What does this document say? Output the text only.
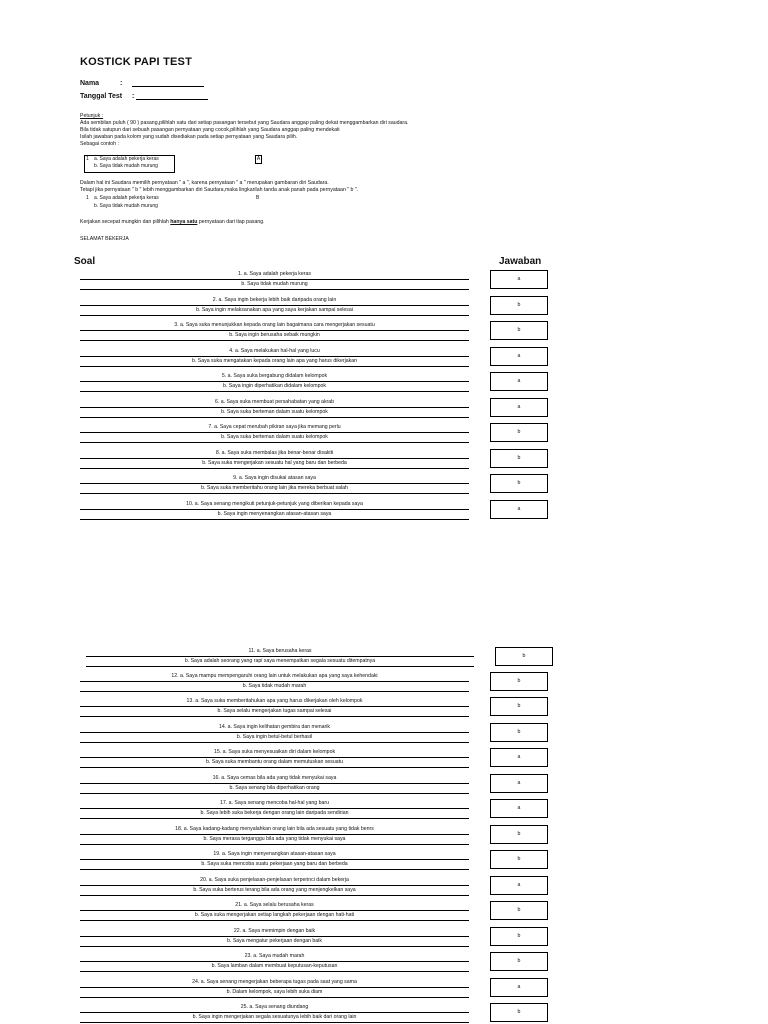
KOSTICK PAPI TEST
Nama	:
Tanggal Test :
Petunjuk :
Ada sembilan puluh ( 90 ) pasang,pilihlah satu dari setiap pasangan tersebut yang Saudara anggap paling dekat menggambarkan diri saudara.
Bila tidak satupun dari sebuah pasangan pernyataan yang cocok,pilihlah yang Saudara anggap paling mendekati
Isilah jawaban pada kolom yang sudah disediakan pada setiap pernyataan yang Saudara pilih.
Sebagai contoh :
1 a. Saya adalah pekerja keras
b. Saya tidak mudah murung
A
Dalam hal ini Saudara memilih pernyataan " a ", karena pernyataan " a " merupakan gambaran diri Saudara.
Tetapi jika pernyataan " b " lebih menggambarkan diri Saudara,maka lingkarilah tanda anak panah pada pernyataan " b ".
1 a. Saya adalah pekerja keras	B
b. Saya tidak mudah murung
Kerjakan secepat mungkin dan pilihlah hanya satu pernyataan dari tiap pasang.
SELAMAT BEKERJA
Soal	Jawaban
1. a. Saya adalah pekerja keras
b. Saya tidak mudah murung
a
2. a. Saya ingin bekerja lebih baik daripada orang lain
b. Saya ingin melaksanakan apa yang saya kerjakan sampai selesai
b
3. a. Saya suka menunjukkan kepada orang lain bagaimana cara mengerjakan sesuatu
b. Saya ingin berusaha sebaik mungkin
b
4. a. Saya melakukan hal-hal yang lucu
b. Saya suka mengatakan kepada orang lain apa yang harus dikerjakan
a
5. a. Saya suka bergabung didalam kelompok
b. Saya ingin diperhatikan didalam kelompok
a
6. a. Saya suka membuat persahabatan yang akrab
b. Saya suka berteman dalam suatu kelompok
a
7. a. Saya cepat merubah pikiran saya jika memang perlu
b. Saya suka berteman dalam suatu kelompok
b
8. a. Saya suka membalas jika benar-benar disakiti
b. Saya suka mengerjakan sesuatu hal yang baru dan berbeda
b
9. a. Saya ingin disukai atasan saya
b. Saya suka memberitahu orang lain jika mereka berbuat salah
b
10. a. Saya senang mengikuti petunjuk-petunjuk yang diberikan kepada saya
b. Saya ingin menyenangkan atasan-atasan saya
a
11. a. Saya berusaha keras
b. Saya adalah seorang yang rapi saya menempatkan segala sesuatu ditempatnya
b
12. a. Saya mampu mempengaruhi orang lain untuk melakukan apa yang saya kehendaki
b. Saya tidak mudah marah
b
13. a. Saya suka memberitahukan apa yang harus dikerjakan oleh kelompok
b. Saya selalu mengerjakan tugas sampai selesai
b
14. a. Saya ingin kelihatan gembira dan menarik
b. Saya ingin betul-betul berhasil
b
15. a. Saya suka menyesuaikan diri dalam kelompok
b. Saya suka membantu orang dalam memutuskan sesuatu
a
16. a. Saya cemas bila ada yang tidak menyukai saya
b. Saya senang bila diperhatikan orang
a
17. a. Saya senang mencoba hal-hal yang baru
b. Saya lebih suka bekerja dengan orang lain daripada sendirian
a
18. a. Saya kadang-kadang menyalahkan orang lain bila ada sesuatu yang tidak benrs
b. Saya merasa terganggu bila ada yang tidak menyukai saya
b
19. a. Saya ingin menyenangkan atasan-atasan saya
b. Saya suka mencoba suatu pekerjaan yang baru dan berbeda
b
20. a. Saya suka penjelasan-penjelasan terperinci dalam bekerja
b. Saya suka berterus terang bila ada orang yang menjengkelkan saya
a
21. a. Saya selalu berusaha keras
b. Saya suka mengerjakan setiap langkah pekerjaan dengan hati-hati
b
22. a. Saya memimpin dengan baik
b. Saya mengatur pekerjaan dengan baik
b
23. a. Saya mudah marah
b. Saya lamban dalam membuat keputusan-keputusan
b
24. a. Saya senang mengerjakan beberapa tugas pada saat yang sama
b. Dalam kelompok, saya lebih suka diam
a
25. a. Saya senang diundang
b. Saya ingin mengerjakan segala sesuatunya lebih baik dari orang lain
b
